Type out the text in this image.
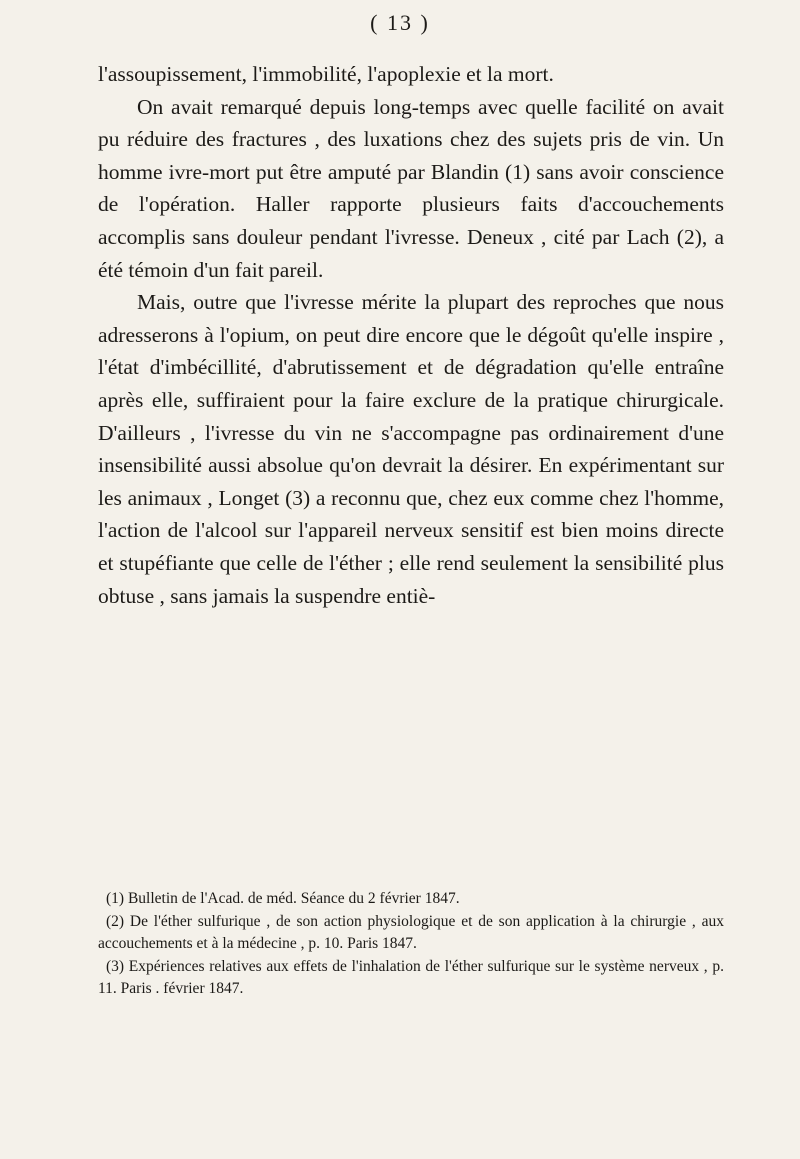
( 13 )

l'assoupissement, l'immobilité, l'apoplexie et la mort.

On avait remarqué depuis long-temps avec quelle facilité on avait pu réduire des fractures , des luxations chez des sujets pris de vin. Un homme ivre-mort put être amputé par Blandin (1) sans avoir conscience de l'opération. Haller rapporte plusieurs faits d'accouchements accomplis sans douleur pendant l'ivresse. Deneux , cité par Lach (2), a été témoin d'un fait pareil.

Mais, outre que l'ivresse mérite la plupart des reproches que nous adresserons à l'opium, on peut dire encore que le dégoût qu'elle inspire , l'état d'imbécillité, d'abrutissement et de dégradation qu'elle entraîne après elle, suffiraient pour la faire exclure de la pratique chirurgicale. D'ailleurs , l'ivresse du vin ne s'accompagne pas ordinairement d'une insensibilité aussi absolue qu'on devrait la désirer. En expérimentant sur les animaux , Longet (3) a reconnu que, chez eux comme chez l'homme, l'action de l'alcool sur l'appareil nerveux sensitif est bien moins directe et stupéfiante que celle de l'éther ; elle rend seulement la sensibilité plus obtuse , sans jamais la suspendre entiè-

(1) Bulletin de l'Acad. de méd. Séance du 2 février 1847.

(2) De l'éther sulfurique , de son action physiologique et de son application à la chirurgie , aux accouchements et à la médecine , p. 10. Paris 1847.

(3) Expériences relatives aux effets de l'inhalation de l'éther sulfurique sur le système nerveux , p. 11. Paris . février 1847.
